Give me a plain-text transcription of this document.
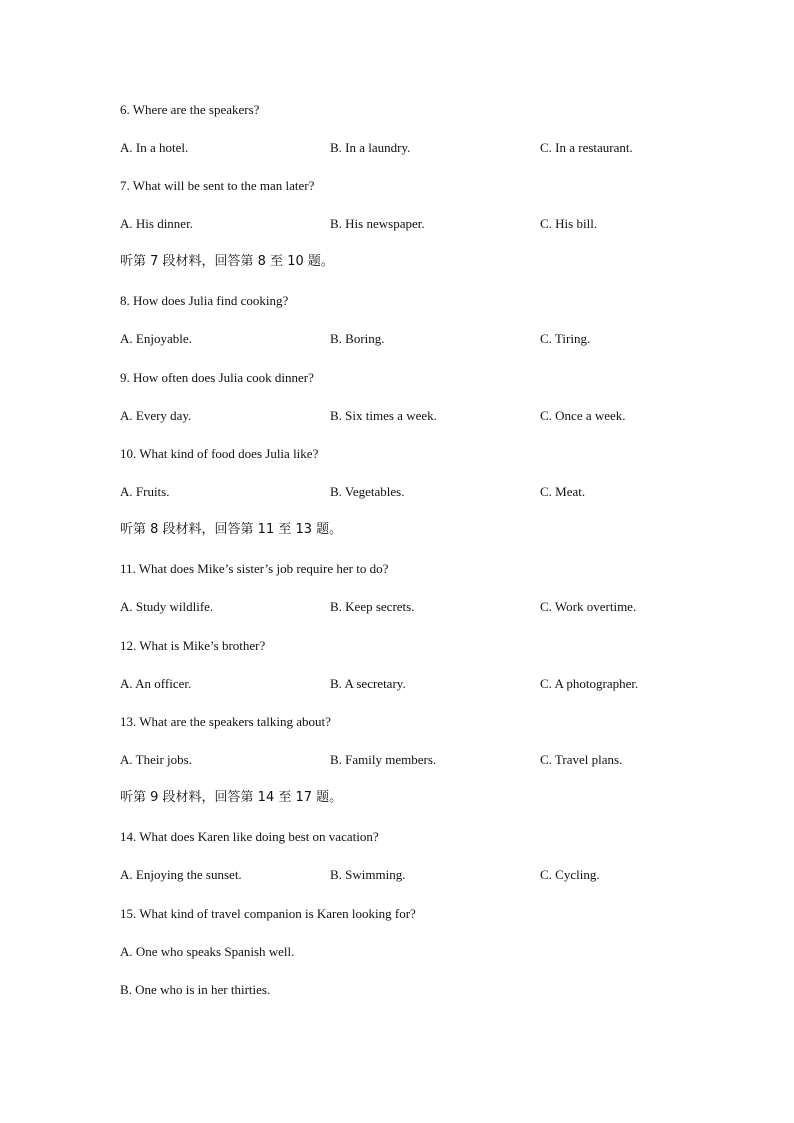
6. Where are the speakers?
A. In a hotel.	B. In a laundry.	C. In a restaurant.
7. What will be sent to the man later?
A. His dinner.	B. His newspaper.	C. His bill.
听第 7 段材料，回答第 8 至 10 题。
8. How does Julia find cooking?
A. Enjoyable.	B. Boring.	C. Tiring.
9. How often does Julia cook dinner?
A. Every day.	B. Six times a week.	C. Once a week.
10. What kind of food does Julia like?
A. Fruits.	B. Vegetables.	C. Meat.
听第 8 段材料，回答第 11 至 13 题。
11. What does Mike’s sister’s job require her to do?
A. Study wildlife.	B. Keep secrets.	C. Work overtime.
12. What is Mike’s brother?
A. An officer.	B. A secretary.	C. A photographer.
13. What are the speakers talking about?
A. Their jobs.	B. Family members.	C. Travel plans.
听第 9 段材料，回答第 14 至 17 题。
14. What does Karen like doing best on vacation?
A. Enjoying the sunset.	B. Swimming.	C. Cycling.
15. What kind of travel companion is Karen looking for?
A. One who speaks Spanish well.
B. One who is in her thirties.
